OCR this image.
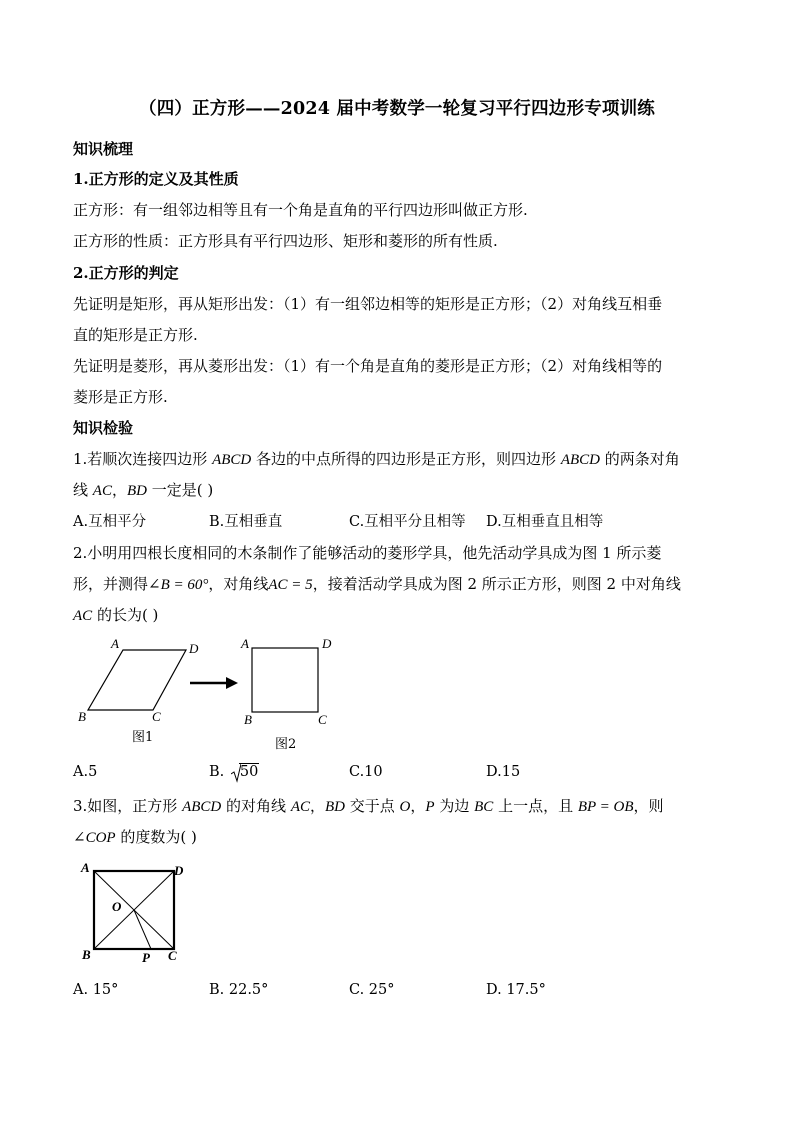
（四）正方形——2024 届中考数学一轮复习平行四边形专项训练
知识梳理
1.正方形的定义及其性质
正方形：有一组邻边相等且有一个角是直角的平行四边形叫做正方形.
正方形的性质：正方形具有平行四边形、矩形和菱形的所有性质.
2.正方形的判定
先证明是矩形，再从矩形出发：（1）有一组邻边相等的矩形是正方形；（2）对角线互相垂
直的矩形是正方形.
先证明是菱形，再从菱形出发：（1）有一个角是直角的菱形是正方形；（2）对角线相等的
菱形是正方形.
知识检验
1.若顺次连接四边形 ABCD 各边的中点所得的四边形是正方形，则四边形 ABCD 的两条对角
线 AC，BD 一定是( )
A.互相平分	B.互相垂直	C.互相平分且相等 D.互相垂直且相等
2.小明用四根长度相同的木条制作了能够活动的菱形学具，他先活动学具成为图 1 所示菱
形，并测得∠B = 60°，对角线AC = 5，接着活动学具成为图 2 所示正方形，则图 2 中对角线
AC 的长为( )
A	D
B	C
图1
A	D
B	C
图2
A.5	B. 50	C.10	D.15
3.如图，正方形 ABCD 的对角线 AC，BD 交于点 O，P 为边 BC 上一点，且 BP = OB，则
∠COP 的度数为( )
A	D
O
B	P C
A. 15°	B. 22.5°	C. 25°	D. 17.5°
